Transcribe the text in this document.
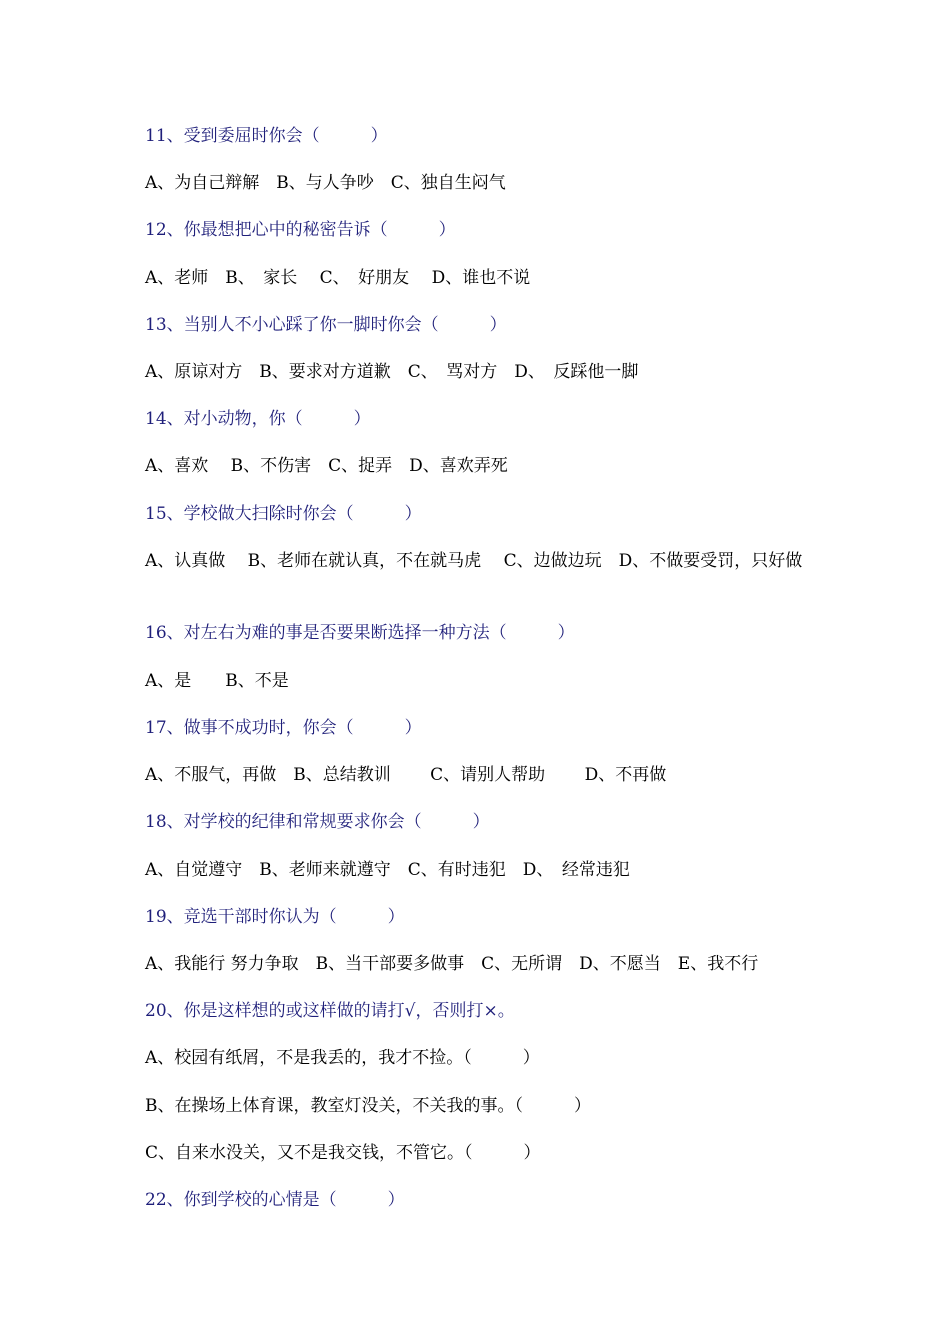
11、受到委屈时你会（　　　）
A、为自己辩解　B、与人争吵　C、独自生闷气
12、你最想把心中的秘密告诉（　　　）
A、老师　B、　家长　 C、　好朋友　 D、谁也不说
13、当别人不小心踩了你一脚时你会（　　　）
A、原谅对方　B、要求对方道歉　C、　骂对方　D、　反踩他一脚
14、对小动物，你（　　　）
A、喜欢　 B、不伤害　C、捉弄　D、喜欢弄死
15、学校做大扫除时你会（　　　）
A、认真做　 B、老师在就认真，不在就马虎　 C、边做边玩　D、不做要受罚，只好做
16、对左右为难的事是否要果断选择一种方法（　　　）
A、是　　B、不是
17、做事不成功时，你会（　　　）
A、不服气，再做　B、总结教训　　 C、请别人帮助　　 D、不再做
18、对学校的纪律和常规要求你会（　　　）
A、自觉遵守　B、老师来就遵守　C、有时违犯　D、　经常违犯
19、竞选干部时你认为（　　　）
A、我能行 努力争取　B、当干部要多做事　C、无所谓　D、不愿当　E、我不行
20、你是这样想的或这样做的请打√，否则打×。
A、校园有纸屑，不是我丢的，我才不捡。（　　　）
B、在操场上体育课，教室灯没关，不关我的事。（　　　）
C、自来水没关，又不是我交钱，不管它。（　　　）
22、你到学校的心情是（　　　）
